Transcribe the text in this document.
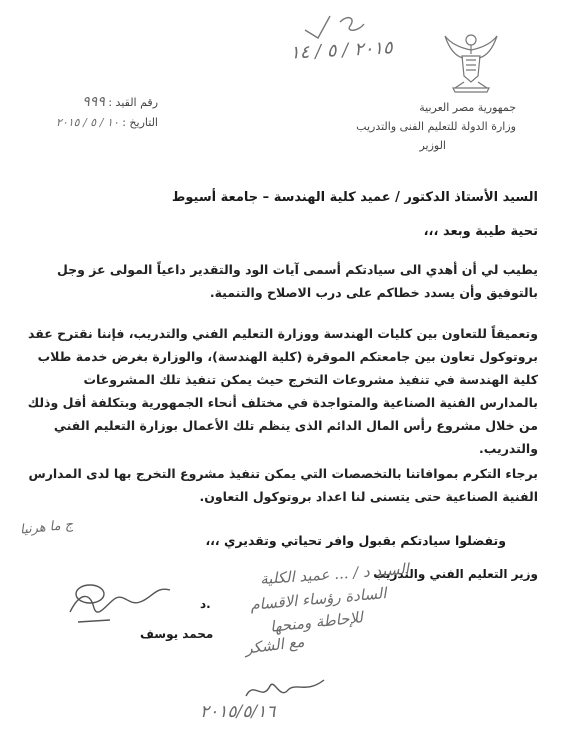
جمهورية مصر العربية
وزارة الدولة للتعليم الفنى والتدريب
الوزير
رقم القيد : ٩٩٩
التاريخ : ١٠ / ٥ / ٢٠١٥
٢٠١٥ / ٥ / ١٤
السيد الأستاذ الدكتور / عميد كلية الهندسة – جامعة أسيوط
تحية طيبة وبعد ،،،
يطيب لي أن أهدي الى سيادتكم أسمى آيات الود والتقدير داعياً المولى عز وجل بالتوفيق وأن يسدد خطاكم على درب الاصلاح والتنمية.
وتعميقاً للتعاون بين كليات الهندسة ووزارة التعليم الفني والتدريب، فإننا نقترح عقد بروتوكول تعاون بين جامعتكم الموقرة (كلية الهندسة)، والوزارة بغرض خدمة طلاب كلية الهندسة في تنفيذ مشروعات التخرج حيث يمكن تنفيذ تلك المشروعات بالمدارس الفنية الصناعية والمتواجدة في مختلف أنحاء الجمهورية وبتكلفة أقل وذلك من خلال مشروع رأس المال الدائم الذى ينظم تلك الأعمال بوزارة التعليم الفني والتدريب.
برجاء التكرم بموافاتنا بالتخصصات التي يمكن تنفيذ مشروع التخرج بها لدى المدارس الفنية الصناعية حتى يتسنى لنا اعداد بروتوكول التعاون.
وتفضلوا سيادتكم بقبول وافر تحياتي وتقديري ،،،
وزير التعليم الفني والتدريب
د.
محمد يوسف
ج ما هرنيا
السيد د / ... عميد الكلية
السادة رؤساء الاقسام
للإحاطة ومنحها
مع الشكر
٢٠١٥/٥/١٦
